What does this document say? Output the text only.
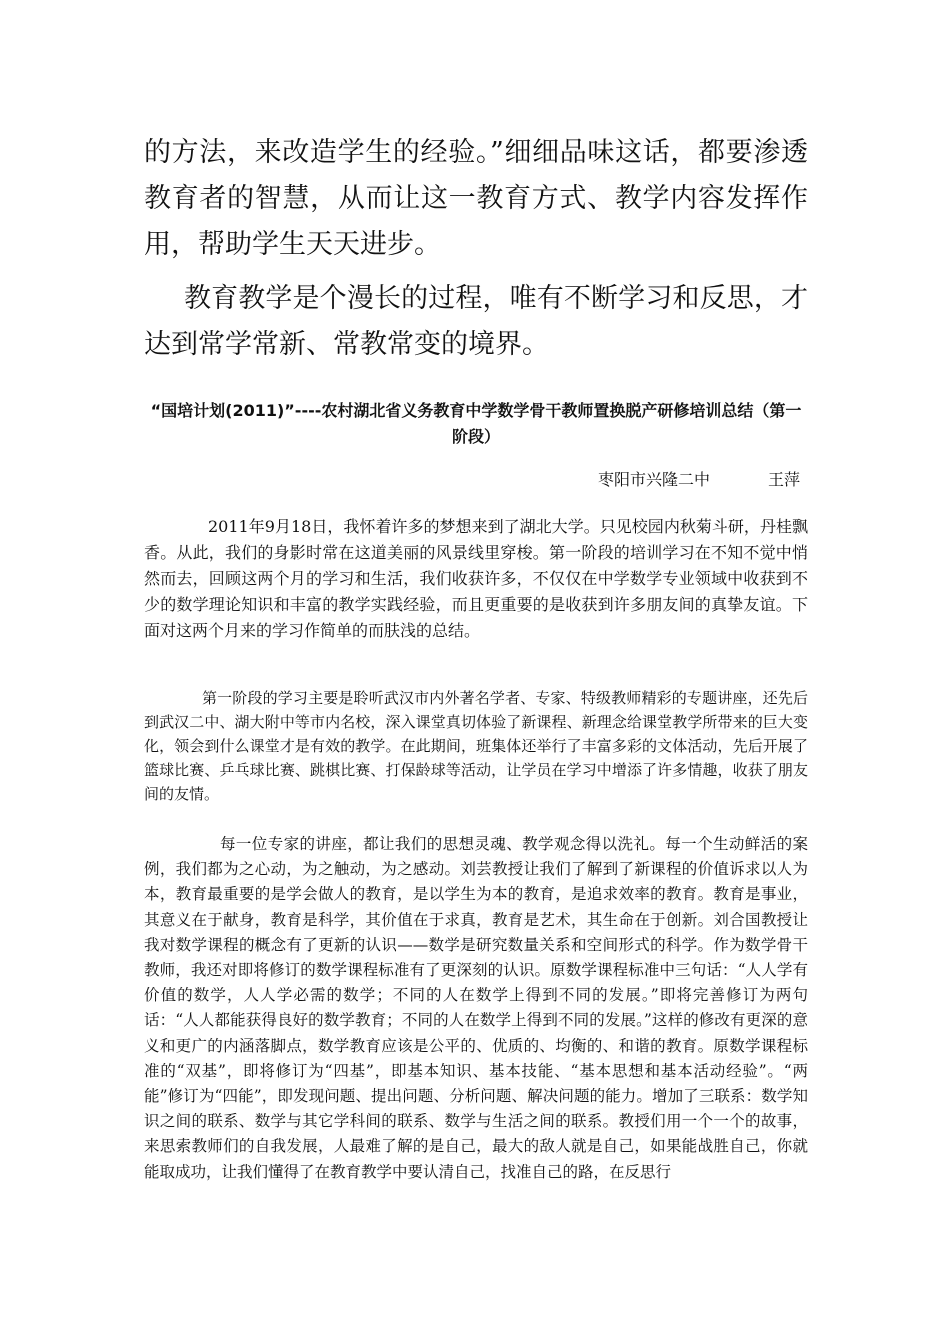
的方法，来改造学生的经验。”细细品味这话，都要渗透 教育者的智慧，从而让这一教育方式、教学内容发挥作用，帮助学生天天进步。

教育教学是个漫长的过程，唯有不断学习和反思，才达到常学常新、常教常变的境界。

“国培计划(2011)”----农村湖北省义务教育中学数学骨干教师置换脱产研修培训总结（第一阶段）

枣阳市兴隆二中	王萍

2011年9月18日，我怀着许多的梦想来到了湖北大学。只见校园内秋菊斗研，丹桂飘香。从此，我们的身影时常在这道美丽的风景线里穿梭。第一阶段的培训学习在不知不觉中悄然而去，回顾这两个月的学习和生活，我们收获许多，不仅仅在中学数学专业领域中收获到不少的数学理论知识和丰富的教学实践经验，而且更重要的是收获到许多朋友间的真挚友谊。下面对这两个月来的学习作简单的而肤浅的总结。

第一阶段的学习主要是聆听武汉市内外著名学者、专家、特级教师精彩的专题讲座，还先后到武汉二中、湖大附中等市内名校，深入课堂真切体验了新课程、新理念给课堂教学所带来的巨大变化，领会到什么课堂才是有效的教学。在此期间，班集体还举行了丰富多彩的文体活动，先后开展了篮球比赛、乒乓球比赛、跳棋比赛、打保龄球等活动，让学员在学习中增添了许多情趣，收获了朋友间的友情。

每一位专家的讲座，都让我们的思想灵魂、教学观念得以洗礼。每一个生动鲜活的案例，我们都为之心动，为之触动，为之感动。刘芸教授让我们了解到了新课程的价值诉求以人为本，教育最重要的是学会做人的教育，是以学生为本的教育，是追求效率的教育。教育是事业，其意义在于献身，教育是科学，其价值在于求真，教育是艺术，其生命在于创新。刘合国教授让我对数学课程的概念有了更新的认识——数学是研究数量关系和空间形式的科学。作为数学骨干教师，我还对即将修订的数学课程标准有了更深刻的认识。原数学课程标准中三句话：“人人学有价值的数学，人人学必需的数学；不同的人在数学上得到不同的发展。”即将完善修订为两句话：“人人都能获得良好的数学教育；不同的人在数学上得到不同的发展。”这样的修改有更深的意义和更广的内涵落脚点，数学教育应该是公平的、优质的、均衡的、和谐的教育。原数学课程标准的“双基”，即将修订为“四基”，即基本知识、基本技能、“基本思想和基本活动经验”。“两能”修订为“四能”，即发现问题、提出问题、分析问题、解决问题的能力。增加了三联系：数学知识之间的联系、数学与其它学科间的联系、数学与生活之间的联系。教授们用一个一个的故事，来思索教师们的自我发展，人最难了解的是自己，最大的敌人就是自己，如果能战胜自己，你就能取成功，让我们懂得了在教育教学中要认清自己，找准自己的路，在反思行
